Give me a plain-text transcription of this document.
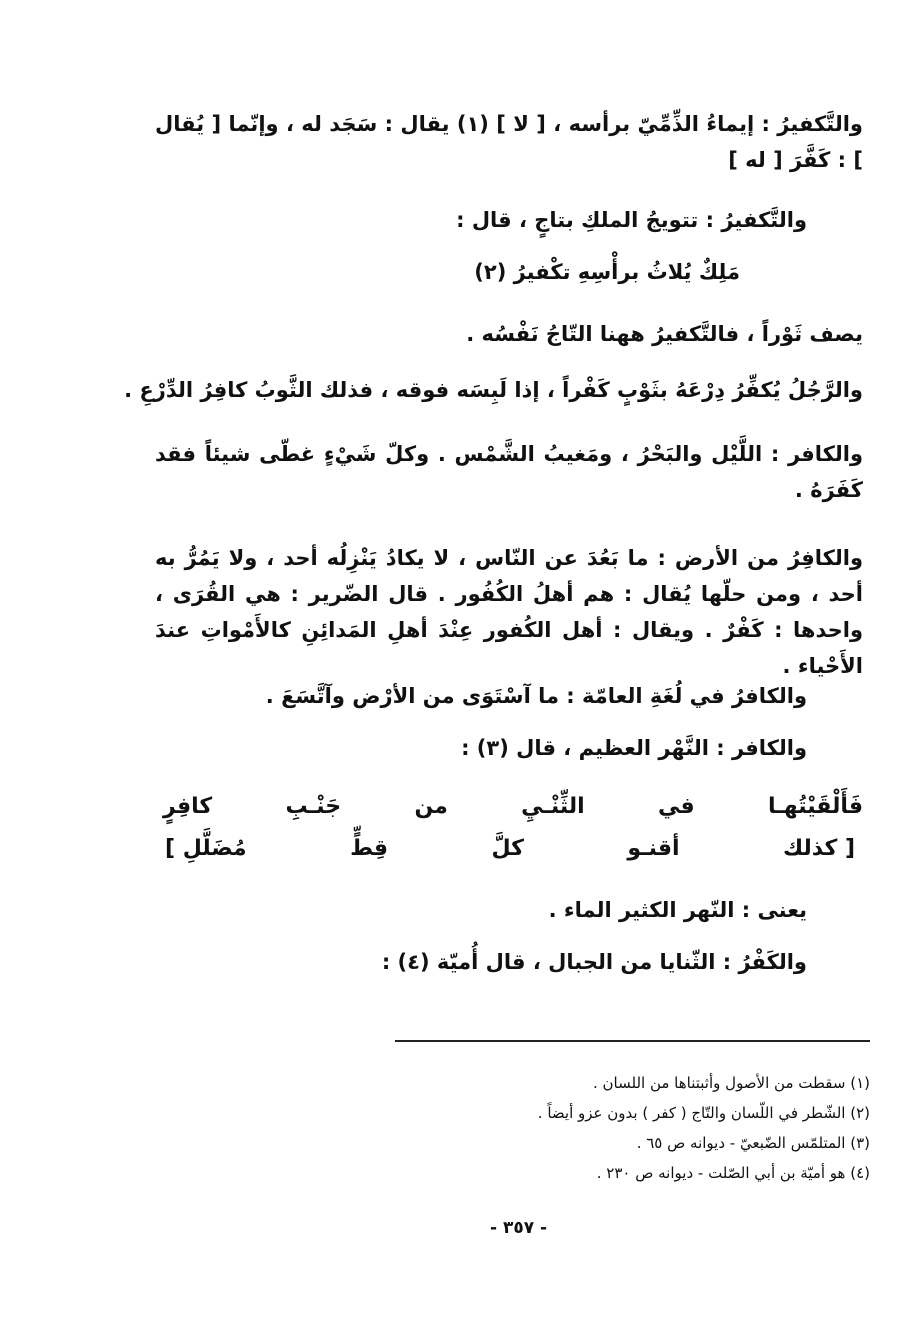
والتَّكفيرُ : إيماءُ الذِّمِّيّ برأسه ، [ لا ] (١) يقال : سَجَد له ، وإنّما [ يُقال ] : كَفَّرَ [ له ]
والتَّكفيرُ : تتويجُ الملكِ بتاجٍ ، قال :
مَلِكٌ يُلاثُ برأْسِهِ تكْفيرُ (٢)
يصف ثَوْراً ، فالتَّكفيرُ ههنا التّاجُ نَفْسُه .
والرَّجُلُ يُكفِّرُ دِرْعَهُ بثَوْبٍ كَفْراً ، إذا لَبِسَه فوقه ، فذلك الثَّوبُ كافِرُ الدِّرْعِ .
والكافر : اللَّيْل والبَحْرُ ، ومَغيبُ الشَّمْس . وكلّ شَيْءٍ غطّى شيئاً فقد كَفَرَهُ .
والكافِرُ من الأرض : ما بَعُدَ عن النّاس ، لا يكادُ يَنْزِلُه أحد ، ولا يَمُرُّ به أحد ، ومن حلّها يُقال : هم أهلُ الكُفُور . قال الضّرير : هي القُرَى ، واحدها : كَفْرٌ . ويقال : أهل الكُفور عِنْدَ أهلِ المَدائِنِ كالأَمْواتِ عندَ الأَحْياء .
والكافرُ في لُغَةِ العامّة : ما آسْتَوَى من الأرْض وآتَّسَعَ .
والكافر : النَّهْر العظيم ، قال (٣) :
فَأَلْقَيْتُهـا
في
الثِّنْـيِ
من
جَنْـبِ
كافِرٍ
[ كذلك
أقنـو
كلَّ
قِطٍّ
مُضَلَّلِ ]
يعنى : النّهر الكثير الماء .
والكَفْرُ : الثّنايا من الجبال ، قال أُميّة (٤) :
(١) سقطت من الأصول وأثبتناها من اللسان .
(٢) الشّطر في اللّسان والتّاج ( كفر ) بدون عزو أيضاً .
(٣) المتلمّس الضّبعيّ - ديوانه ص ٦٥ .
(٤) هو أميّة بن أبي الصّلت - ديوانه ص ٢٣٠ .
- ٣٥٧ -
